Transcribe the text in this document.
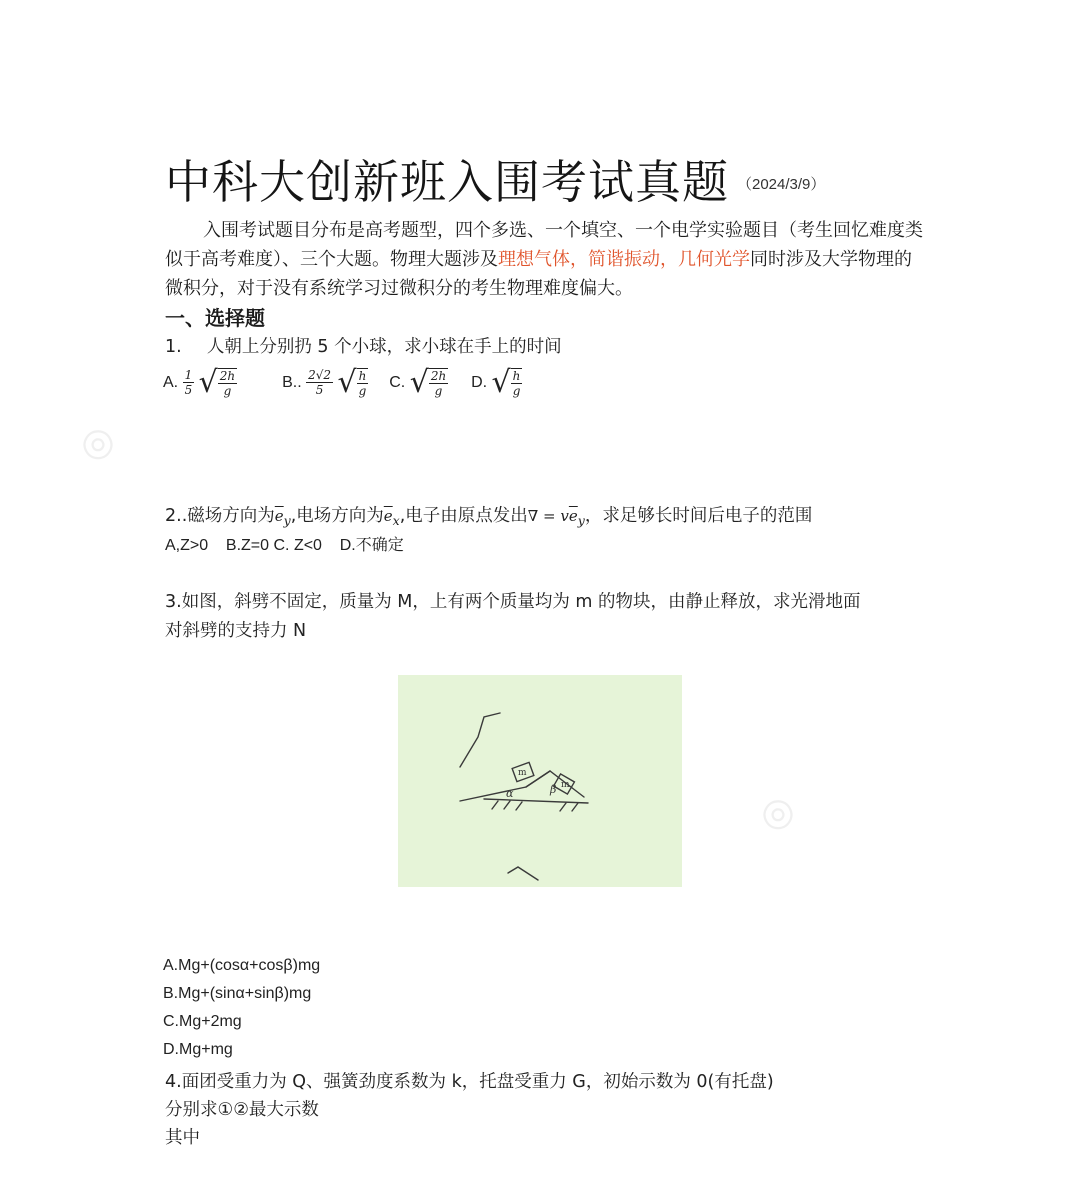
◎
◎
中科大创新班入围考试真题 （2024/3/9）
入围考试题目分布是高考题型，四个多选、一个填空、一个电学实验题目（考生回忆难度类似于高考难度）、三个大题。物理大题涉及理想气体，简谐振动，几何光学同时涉及大学物理的微积分，对于没有系统学习过微积分的考生物理难度偏大。
一、选择题
1. 人朝上分别扔 5 个小球，求小球在手上的时间
A. $\frac{1}{5}$ √ $\frac{2h}{g}$	B.. $\frac{2√2}{5}$ √ $\frac{h}{g} C$. √ $\frac{2h}{g} D$. √ $\frac{h}{g}$
2..磁场方向为$\overline{e}_y$,电场方向为$\overline{e}_x$,电子由原点发出∇ = $v\overline{e}_y$，求足够长时间后电子的范围
A,Z>0    B.Z=0 C. Z<0    D.不确定
3.如图，斜劈不固定，质量为 M，上有两个质量均为 m 的物块，由静止释放，求光滑地面
对斜劈的支持力 N
m
m
α	β
A.Mg+(cosα+cosβ)mg
B.Mg+(sinα+sinβ)mg
C.Mg+2mg
D.Mg+mg
4.面团受重力为 Q、强簧劲度系数为 k，托盘受重力 G，初始示数为 0(有托盘)
分别求①②最大示数
其中
